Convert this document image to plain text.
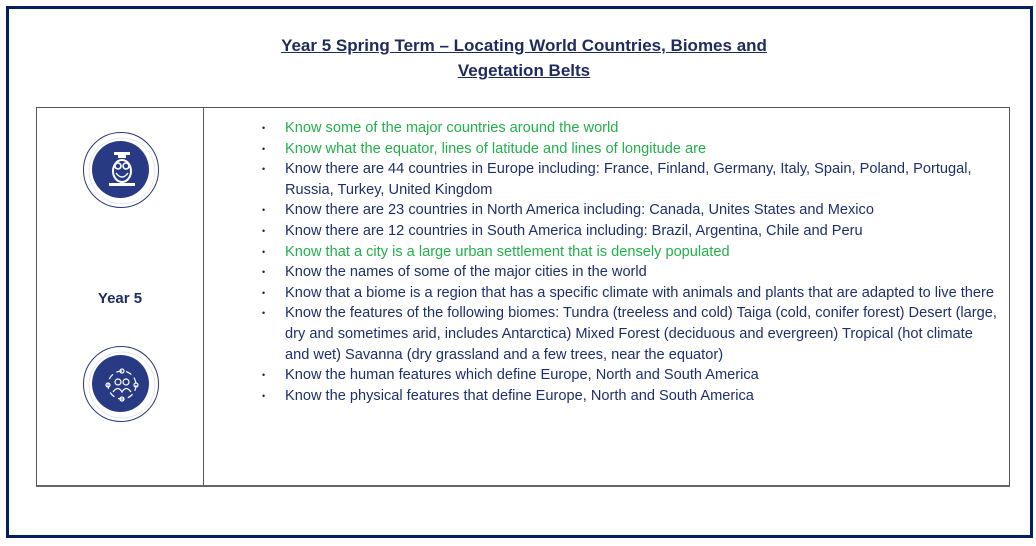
Year 5 Spring Term – Locating World Countries, Biomes and
Vegetation Belts
Year 5
• Know some of the major countries around the world
• Know what the equator, lines of latitude and lines of longitude are
• Know there are 44 countries in Europe including: France, Finland, Germany, Italy, Spain, Poland, Portugal, Russia, Turkey, United Kingdom
• Know there are 23 countries in North America including: Canada, Unites States and Mexico
• Know there are 12 countries in South America including: Brazil, Argentina, Chile and Peru
• Know that a city is a large urban settlement that is densely populated
• Know the names of some of the major cities in the world
• Know that a biome is a region that has a specific climate with animals and plants that are adapted to live there
• Know the features of the following biomes: Tundra (treeless and cold) Taiga (cold, conifer forest) Desert (large, dry and sometimes arid, includes Antarctica) Mixed Forest (deciduous and evergreen) Tropical (hot climate and wet) Savanna (dry grassland and a few trees, near the equator)
• Know the human features which define Europe, North and South America
• Know the physical features that define Europe, North and South America
